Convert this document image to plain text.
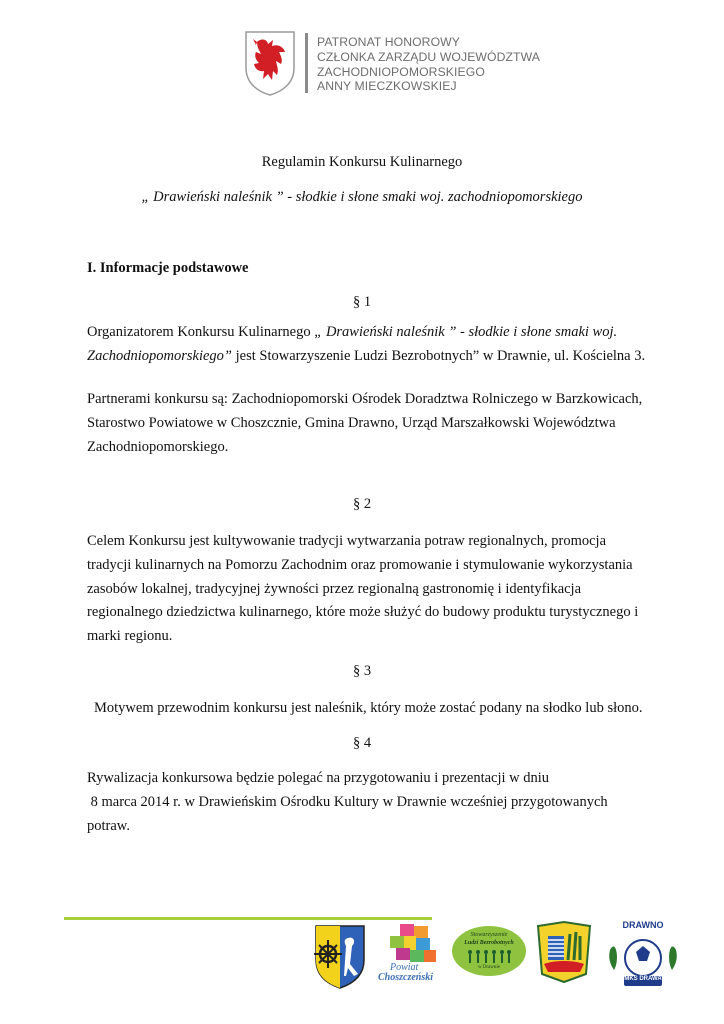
PATRONAT HONOROWY
CZŁONKA ZARZĄDU WOJEWÓDZTWA
ZACHODNIOPOMORSKIEGO
ANNY MIECZKOWSKIEJ
Regulamin Konkursu Kulinarnego
„ Drawieński naleśnik ” - słodkie i słone smaki woj. zachodniopomorskiego
I. Informacje podstawowe
§ 1

Organizatorem Konkursu Kulinarnego „ Drawieński naleśnik ” - słodkie i słone smaki woj.
Zachodniopomorskiego” jest Stowarzyszenie Ludzi Bezrobotnych” w Drawnie, ul. Kościelna 3.

Partnerami konkursu są: Zachodniopomorski Ośrodek Doradztwa Rolniczego w Barzkowicach,
Starostwo Powiatowe w Choszcznie, Gmina Drawno, Urząd Marszałkowski Województwa
Zachodniopomorskiego.

§ 2

Celem Konkursu jest kultywowanie tradycji wytwarzania potraw regionalnych, promocja
tradycji kulinarnych na Pomorzu Zachodnim oraz promowanie i stymulowanie wykorzystania
zasobów lokalnej, tradycyjnej żywności przez regionalną gastronomię i identyfikacja
regionalnego dziedzictwa kulinarnego, które może służyć do budowy produktu turystycznego i
marki regionu.

§ 3

Motywem przewodnim konkursu jest naleśnik, który może zostać podany na słodko lub słono.

§ 4

Rywalizacja konkursowa będzie polegać na przygotowaniu i prezentacji w dniu
8 marca 2014 r. w Drawieńskim Ośrodku Kultury w Drawnie wcześniej przygotowanych
potraw.

Powiat
Choszczeński
Stowarzyszenie
Ludzi Bezrobotnych
w Drawnie
DRAWNO
MKS DRAWA
